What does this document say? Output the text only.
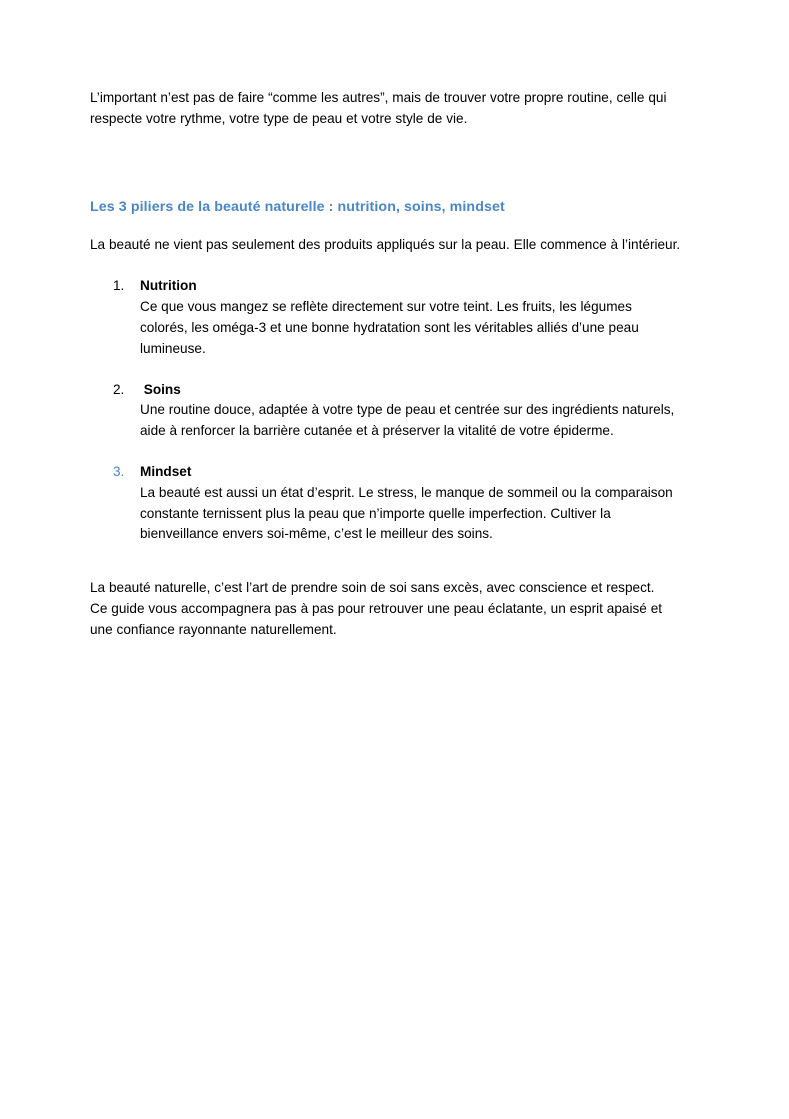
L’important n’est pas de faire “comme les autres”, mais de trouver votre propre routine, celle qui respecte votre rythme, votre type de peau et votre style de vie.

Les 3 piliers de la beauté naturelle : nutrition, soins, mindset

La beauté ne vient pas seulement des produits appliqués sur la peau. Elle commence à l’intérieur.

1.	Nutrition

Ce que vous mangez se reflète directement sur votre teint. Les fruits, les légumes colorés, les oméga-3 et une bonne hydratation sont les véritables alliés d’une peau lumineuse.

2.	Soins

Une routine douce, adaptée à votre type de peau et centrée sur des ingrédients naturels, aide à renforcer la barrière cutanée et à préserver la vitalité de votre épiderme.

3.	Mindset

La beauté est aussi un état d’esprit. Le stress, le manque de sommeil ou la comparaison constante ternissent plus la peau que n’importe quelle imperfection. Cultiver la bienveillance envers soi-même, c’est le meilleur des soins.

La beauté naturelle, c’est l’art de prendre soin de soi sans excès, avec conscience et respect.

Ce guide vous accompagnera pas à pas pour retrouver une peau éclatante, un esprit apaisé et une confiance rayonnante naturellement.
